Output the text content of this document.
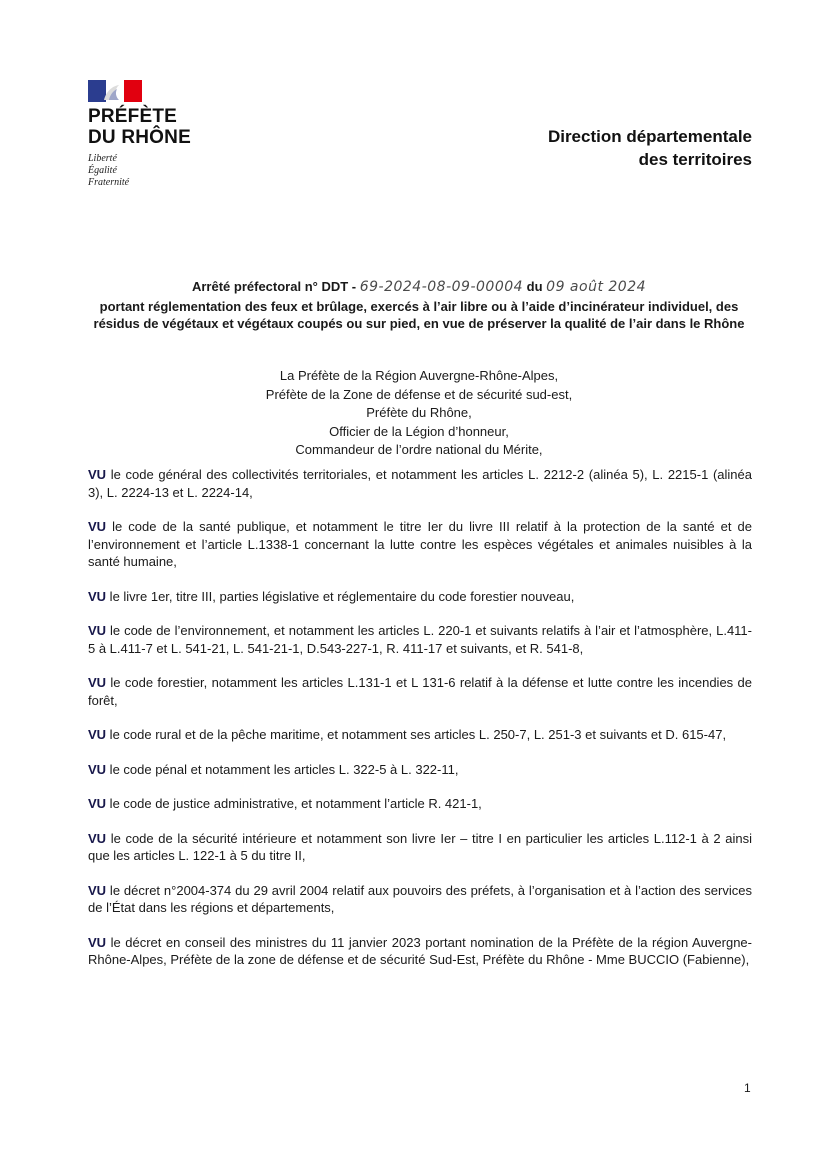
PRÉFÈTE
DU RHÔNE
Liberté
Égalité
Fraternité
Direction départementale
des territoires
Arrêté préfectoral n° DDT - 69-2024-08-09-00004 du 09 août 2024
portant réglementation des feux et brûlage, exercés à l’air libre ou à l’aide d’incinérateur individuel, des résidus de végétaux et végétaux coupés ou sur pied, en vue de préserver la qualité de l’air dans le Rhône
La Préfète de la Région Auvergne-Rhône-Alpes,
Préfète de la Zone de défense et de sécurité sud-est,
Préfète du Rhône,
Officier de la Légion d’honneur,
Commandeur de l’ordre national du Mérite,

VU le code général des collectivités territoriales, et notamment les articles L. 2212-2 (alinéa 5), L. 2215-1 (alinéa 3), L. 2224-13 et L. 2224-14,

VU le code de la santé publique, et notamment le titre Ier du livre III relatif à la protection de la santé et de l’environnement et l’article L.1338-1 concernant la lutte contre les espèces végétales et animales nuisibles à la santé humaine,

VU le livre 1er, titre III, parties législative et réglementaire du code forestier nouveau,

VU le code de l’environnement, et notamment les articles L. 220-1 et suivants relatifs à l’air et l’atmosphère, L.411-5 à L.411-7 et L. 541-21, L. 541-21-1, D.543-227-1, R. 411-17 et suivants, et R. 541-8,

VU le code forestier, notamment les articles L.131-1 et L 131-6 relatif à la défense et lutte contre les incendies de forêt,

VU le code rural et de la pêche maritime, et notamment ses articles L. 250-7, L. 251-3 et suivants et D. 615-47,

VU le code pénal et notamment les articles L. 322-5 à L. 322-11,

VU le code de justice administrative, et notamment l’article R. 421-1,

VU le code de la sécurité intérieure et notamment son livre Ier – titre I en particulier les articles L.112-1 à 2 ainsi que les articles L. 122-1 à 5 du titre II,

VU le décret n°2004-374 du 29 avril 2004 relatif aux pouvoirs des préfets, à l’organisation et à l’action des services de l’État dans les régions et départements,

VU le décret en conseil des ministres du 11 janvier 2023 portant nomination de la Préfète de la région Auvergne-Rhône-Alpes, Préfète de la zone de défense et de sécurité Sud-Est, Préfète du Rhône - Mme BUCCIO (Fabienne),

1
